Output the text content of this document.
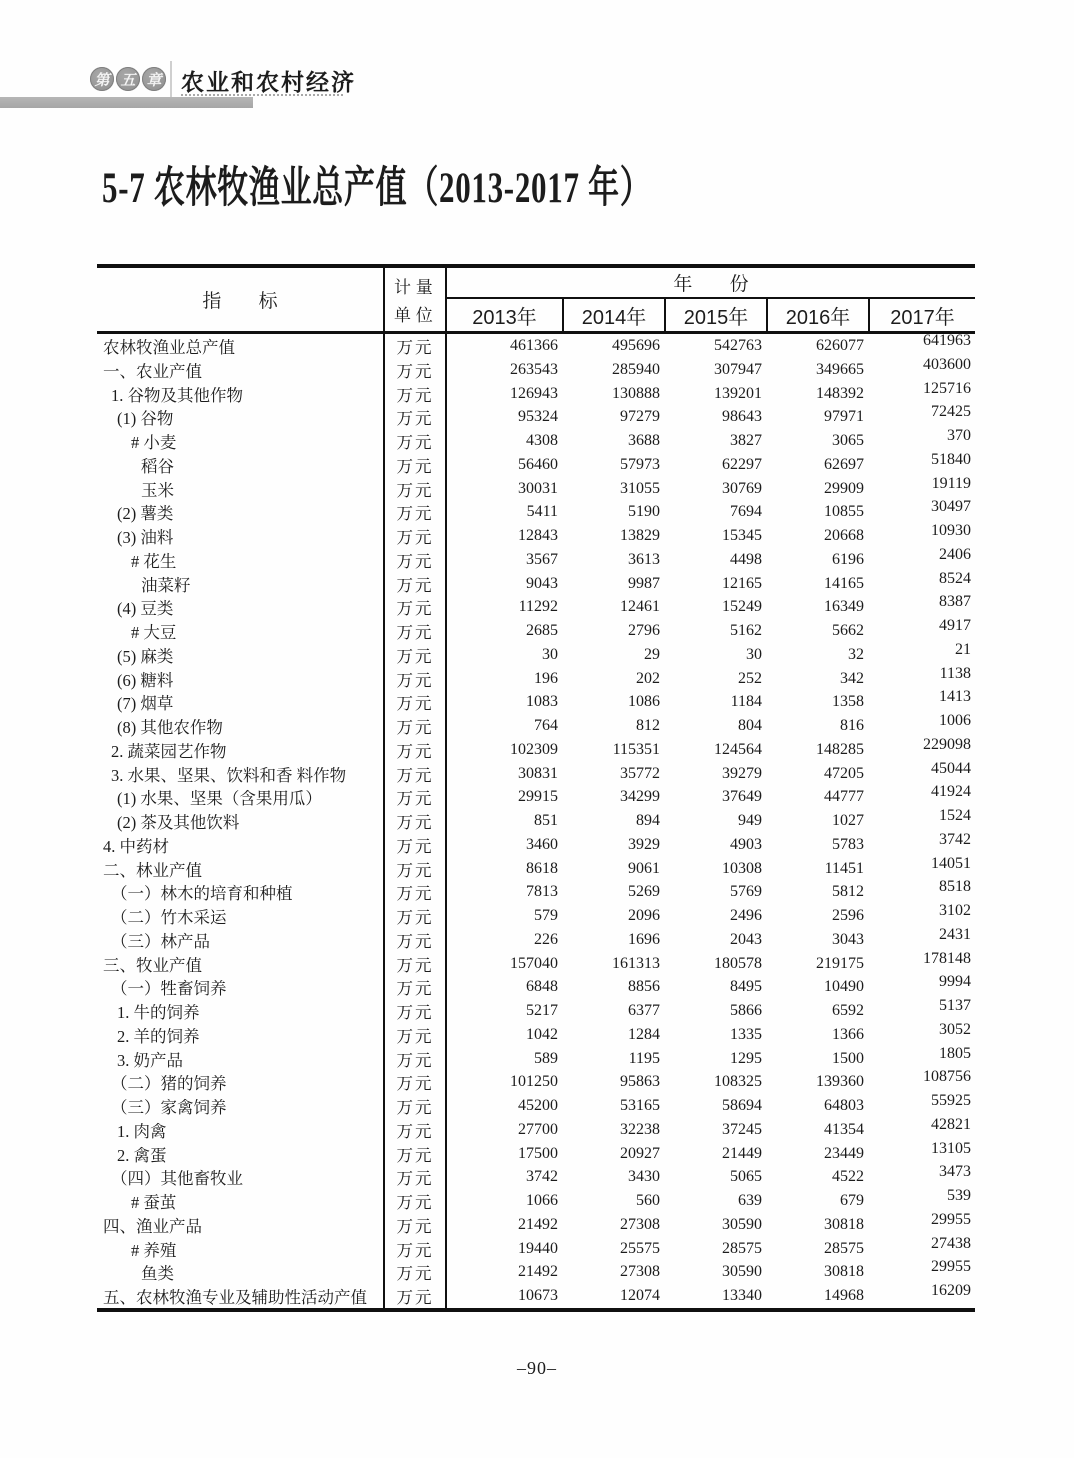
第 五 章 农业和农村经济
5-7 农林牧渔业总产值（2013-2017 年）
指 标
计 量
单 位
年 份
2013年	2014年	2015年	2016年	2017年
农林牧渔业总产值	万元	461366	495696	542763	626077	641963
一、农业产值	万元	263543	285940	307947	349665	403600
1. 谷物及其他作物	万元	126943	130888	139201	148392	125716
(1) 谷物	万元	95324	97279	98643	97971	72425
# 小麦	万元	4308	3688	3827	3065	370
稻谷	万元	56460	57973	62297	62697	51840
玉米	万元	30031	31055	30769	29909	19119
(2) 薯类	万元	5411	5190	7694	10855	30497
(3) 油料	万元	12843	13829	15345	20668	10930
# 花生	万元	3567	3613	4498	6196	2406
油菜籽	万元	9043	9987	12165	14165	8524
(4) 豆类	万元	11292	12461	15249	16349	8387
# 大豆	万元	2685	2796	5162	5662	4917
(5) 麻类	万元	30	29	30	32	21
(6) 糖料	万元	196	202	252	342	1138
(7) 烟草	万元	1083	1086	1184	1358	1413
(8) 其他农作物	万元	764	812	804	816	1006
2. 蔬菜园艺作物	万元	102309	115351	124564	148285	229098
3. 水果、坚果、饮料和香 料作物	万元	30831	35772	39279	47205	45044
(1) 水果、坚果（含果用瓜）	万元	29915	34299	37649	44777	41924
(2) 茶及其他饮料	万元	851	894	949	1027	1524
4. 中药材	万元	3460	3929	4903	5783	3742
二、林业产值	万元	8618	9061	10308	11451	14051
（一）林木的培育和种植	万元	7813	5269	5769	5812	8518
（二）竹木采运	万元	579	2096	2496	2596	3102
（三）林产品	万元	226	1696	2043	3043	2431
三、牧业产值	万元	157040	161313	180578	219175	178148
（一）牲畜饲养	万元	6848	8856	8495	10490	9994
1. 牛的饲养	万元	5217	6377	5866	6592	5137
2. 羊的饲养	万元	1042	1284	1335	1366	3052
3. 奶产品	万元	589	1195	1295	1500	1805
（二）猪的饲养	万元	101250	95863	108325	139360	108756
（三）家禽饲养	万元	45200	53165	58694	64803	55925
1. 肉禽	万元	27700	32238	37245	41354	42821
2. 禽蛋	万元	17500	20927	21449	23449	13105
（四）其他畜牧业	万元	3742	3430	5065	4522	3473
# 蚕茧	万元	1066	560	639	679	539
四、渔业产品	万元	21492	27308	30590	30818	29955
# 养殖	万元	19440	25575	28575	28575	27438
鱼类	万元	21492	27308	30590	30818	29955
五、农林牧渔专业及辅助性活动产值	万元	10673	12074	13340	14968	16209
–90–
